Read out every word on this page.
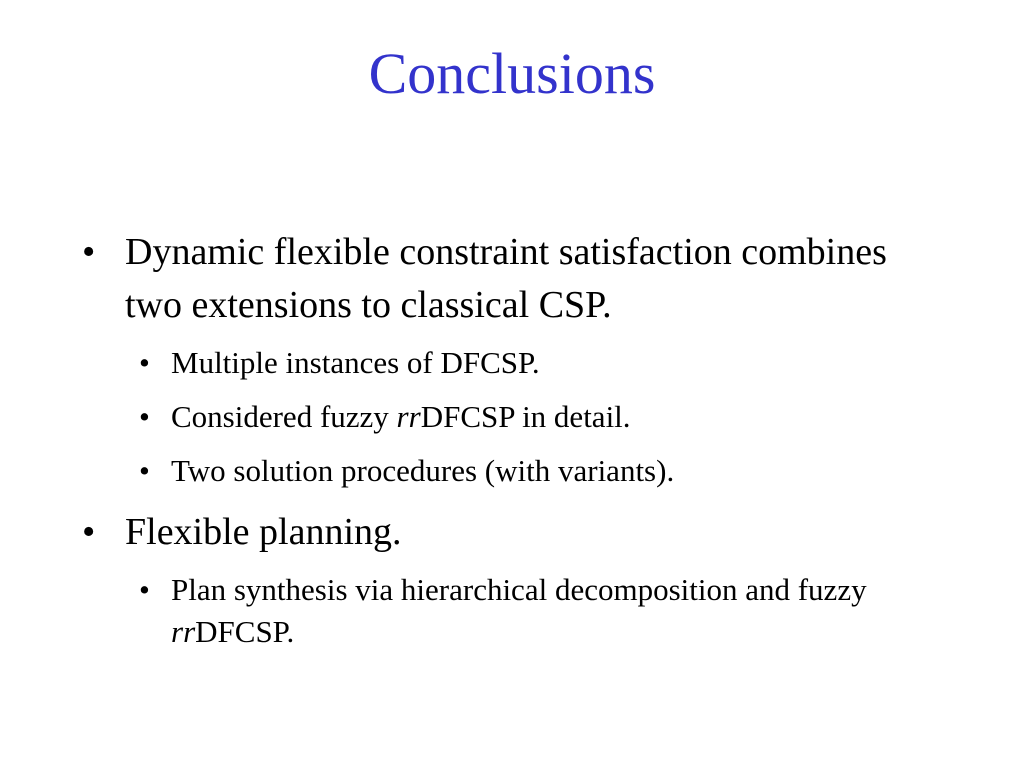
Conclusions
• Dynamic flexible constraint satisfaction combines two extensions to classical CSP.
• Multiple instances of DFCSP.
• Considered fuzzy rrDFCSP in detail.
• Two solution procedures (with variants).
• Flexible planning.
• Plan synthesis via hierarchical decomposition and fuzzy rrDFCSP.
